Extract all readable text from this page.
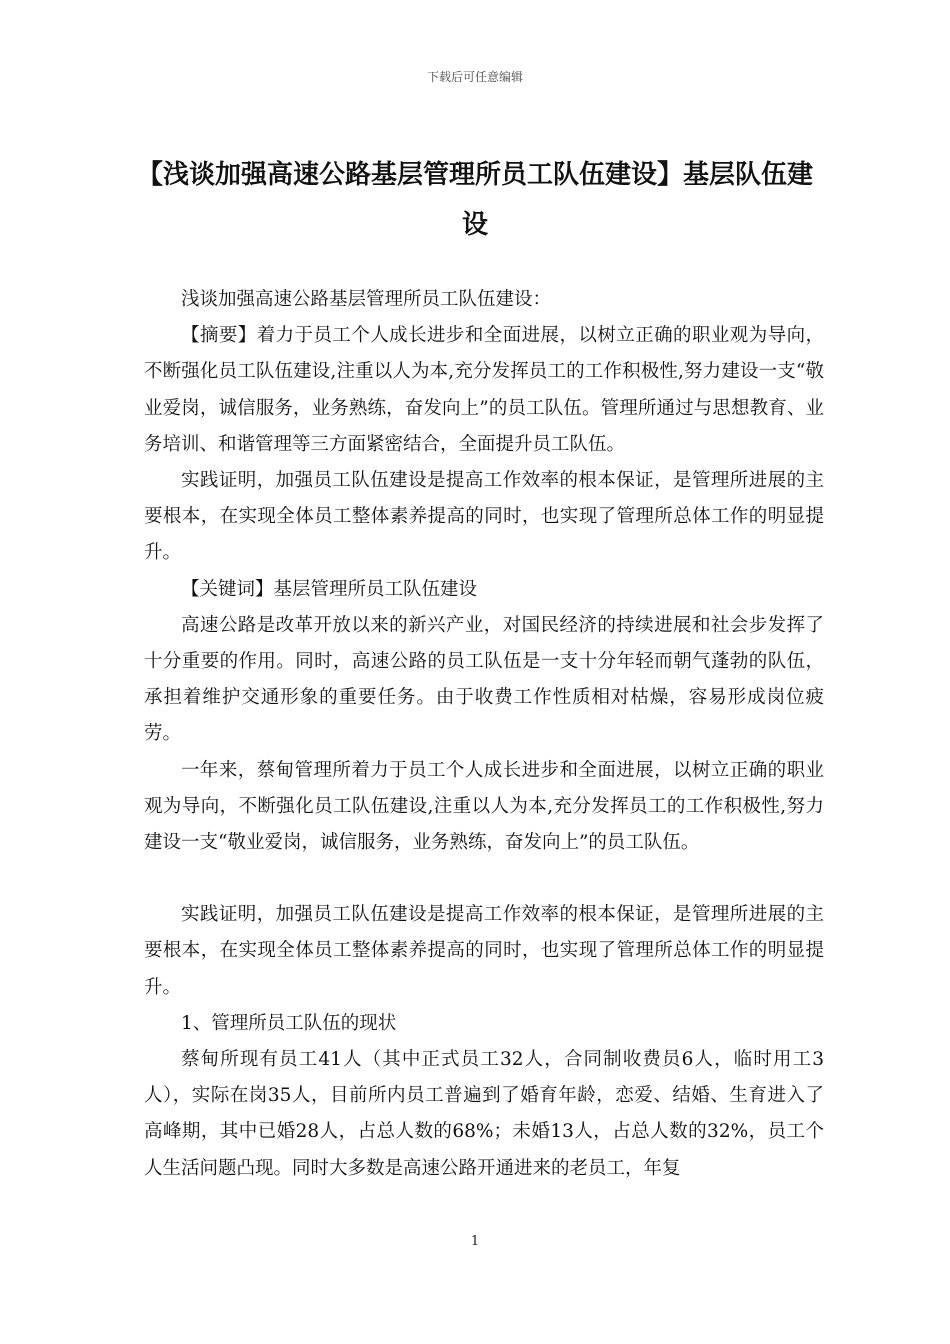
下载后可任意编辑
【浅谈加强高速公路基层管理所员工队伍建设】基层队伍建设

浅谈加强高速公路基层管理所员工队伍建设：

【摘要】着力于员工个人成长进步和全面进展，以树立正确的职业观为导向，不断强化员工队伍建设,注重以人为本,充分发挥员工的工作积极性,努力建设一支“敬业爱岗，诚信服务，业务熟练，奋发向上”的员工队伍。管理所通过与思想教育、业务培训、和谐管理等三方面紧密结合，全面提升员工队伍。

实践证明，加强员工队伍建设是提高工作效率的根本保证，是管理所进展的主要根本，在实现全体员工整体素养提高的同时，也实现了管理所总体工作的明显提升。

【关键词】基层管理所员工队伍建设

高速公路是改革开放以来的新兴产业，对国民经济的持续进展和社会步发挥了十分重要的作用。同时，高速公路的员工队伍是一支十分年轻而朝气蓬勃的队伍，承担着维护交通形象的重要任务。由于收费工作性质相对枯燥，容易形成岗位疲劳。

一年来，蔡甸管理所着力于员工个人成长进步和全面进展，以树立正确的职业观为导向，不断强化员工队伍建设,注重以人为本,充分发挥员工的工作积极性,努力建设一支“敬业爱岗，诚信服务，业务熟练，奋发向上”的员工队伍。

实践证明，加强员工队伍建设是提高工作效率的根本保证，是管理所进展的主要根本，在实现全体员工整体素养提高的同时，也实现了管理所总体工作的明显提升。

1、管理所员工队伍的现状

蔡甸所现有员工41人（其中正式员工32人，合同制收费员6人，临时用工3人），实际在岗35人，目前所内员工普遍到了婚育年龄，恋爱、结婚、生育进入了高峰期，其中已婚28人，占总人数的68%；未婚13人，占总人数的32%，员工个人生活问题凸现。同时大多数是高速公路开通进来的老员工，年复

1
